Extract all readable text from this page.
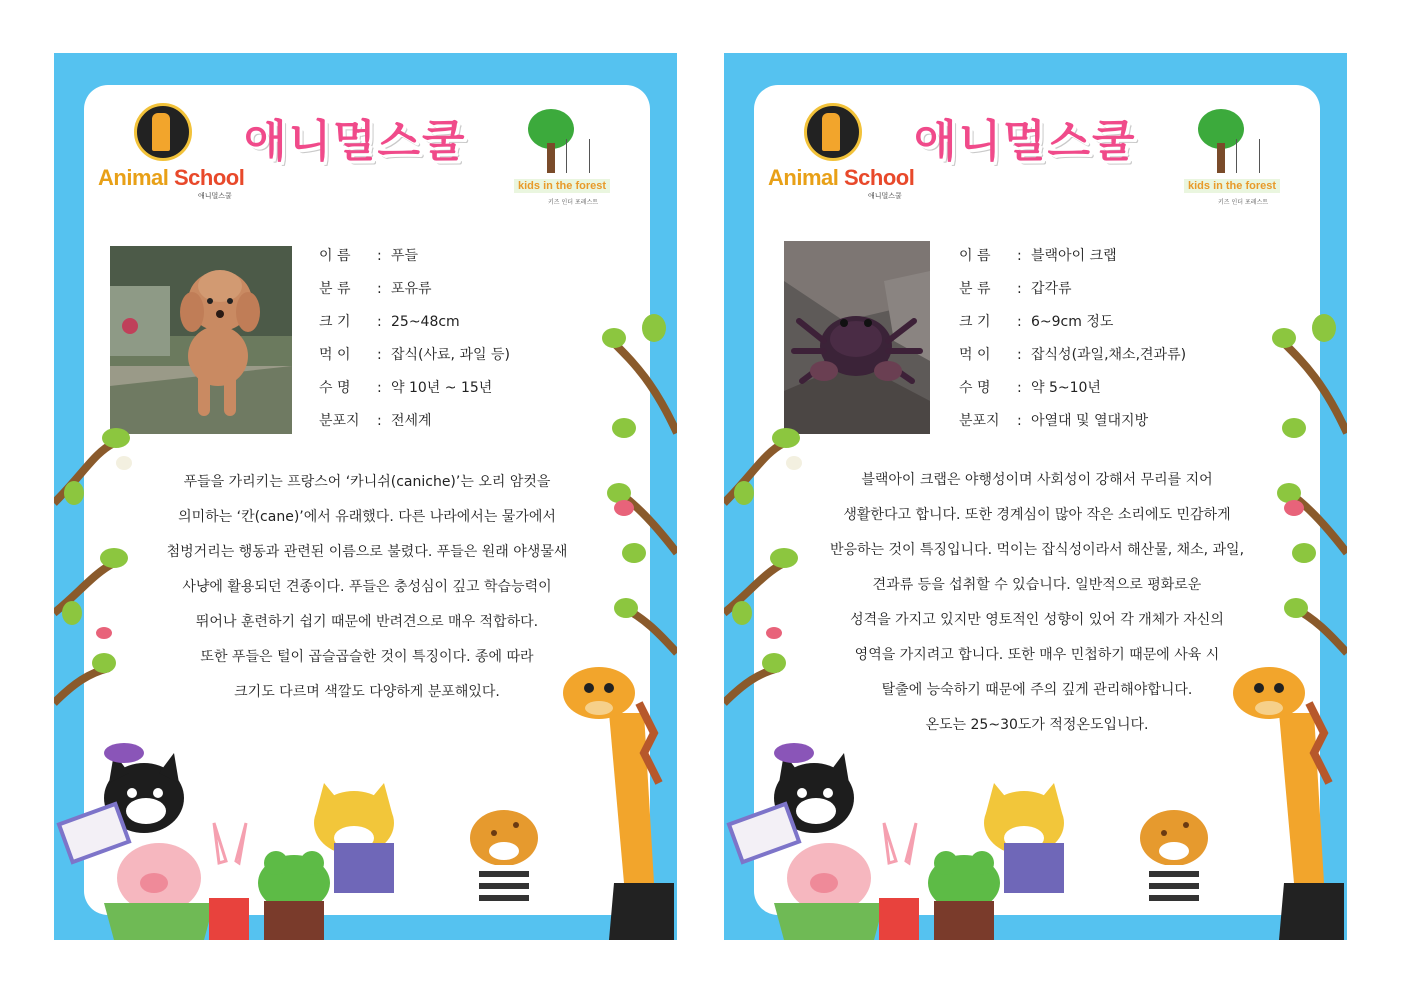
Animal School
애니멀스쿨
애니멀스쿨
kids in the forest
키즈 인더 포레스트
이 름 : 푸들
분 류 : 포유류
크 기 : 25~48cm
먹 이 : 잡식(사료, 과일 등)
수 명 : 약 10년 ~ 15년
분포지 : 전세계
푸들을 가리키는 프랑스어 ‘카니쉬(caniche)’는 오리 암컷을
의미하는 ‘칸(cane)’에서 유래했다. 다른 나라에서는 물가에서
첨벙거리는 행동과 관련된 이름으로 불렸다. 푸들은 원래 야생물새
사냥에 활용되던 견종이다. 푸들은 충성심이 깊고 학습능력이
뛰어나 훈련하기 쉽기 때문에 반려견으로 매우 적합하다.
또한 푸들은 털이 곱슬곱슬한 것이 특징이다. 종에 따라
크기도 다르며 색깔도 다양하게 분포해있다.
Animal School
애니멀스쿨
애니멀스쿨
kids in the forest
키즈 인더 포레스트
이 름 : 블랙아이 크랩
분 류 : 갑각류
크 기 : 6~9cm 정도
먹 이 : 잡식성(과일,채소,견과류)
수 명 : 약 5~10년
분포지 : 아열대 및 열대지방
블랙아이 크랩은 야행성이며 사회성이 강해서 무리를 지어
생활한다고 합니다. 또한 경계심이 많아 작은 소리에도 민감하게
반응하는 것이 특징입니다. 먹이는 잡식성이라서 해산물, 채소, 과일,
견과류 등을 섭취할 수 있습니다. 일반적으로 평화로운
성격을 가지고 있지만 영토적인 성향이 있어 각 개체가 자신의
영역을 가지려고 합니다. 또한 매우 민첩하기 때문에 사육 시
탈출에 능숙하기 때문에 주의 깊게 관리해야합니다.
온도는 25~30도가 적정온도입니다.
